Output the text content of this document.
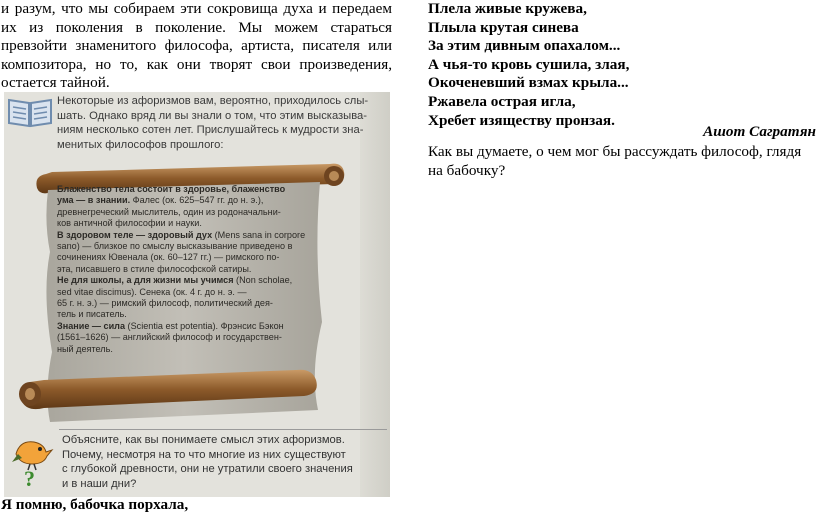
и разум, что мы собираем эти сокровища духа и передаем
их из поколения в поколение. Мы можем стараться
превзойти знаменитого философа, артиста, писателя или
композитора, но то, как они творят свои произведения,
остается тайной.
Некоторые из афоризмов вам, вероятно, приходилось слы-
шать. Однако вряд ли вы знали о том, что этим высказыва-
ниям несколько сотен лет. Прислушайтесь к мудрости зна-
менитых философов прошлого:
Блаженство тела состоит в здоровье, блаженство
ума — в знании. Фалес (ок. 625–547 гг. до н. э.),
древнегреческий мыслитель, один из родоначальни-
ков античной философии и науки.
В здоровом теле — здоровый дух (Mens sana in corpore
sano) — близкое по смыслу высказывание приведено в
сочинениях Ювенала (ок. 60–127 гг.) — римского по-
эта, писавшего в стиле философской сатиры.
Не для школы, а для жизни мы учимся (Non scholae,
sed vitae discimus). Сенека (ок. 4 г. до н. э. —
65 г. н. э.) — римский философ, политический дея-
тель и писатель.
Знание — сила (Scientia est potentia). Фрэнсис Бэкон
(1561–1626) — английский философ и государствен-
ный деятель.
?
Объясните, как вы понимаете смысл этих афоризмов.
Почему, несмотря на то что многие из них существуют
с глубокой древности, они не утратили своего значения
и в наши дни?
Я помню, бабочка порхала,
Плела живые кружева,
Плыла крутая синева
За этим дивным опахалом...
А чья-то кровь сушила, злая,
Окоченевший взмах крыла...
Ржавела острая игла,
Хребет изяществу пронзая.
Ашот Сагратян
Как вы думаете, о чем мог бы рассуждать философ, глядя
на бабочку?
